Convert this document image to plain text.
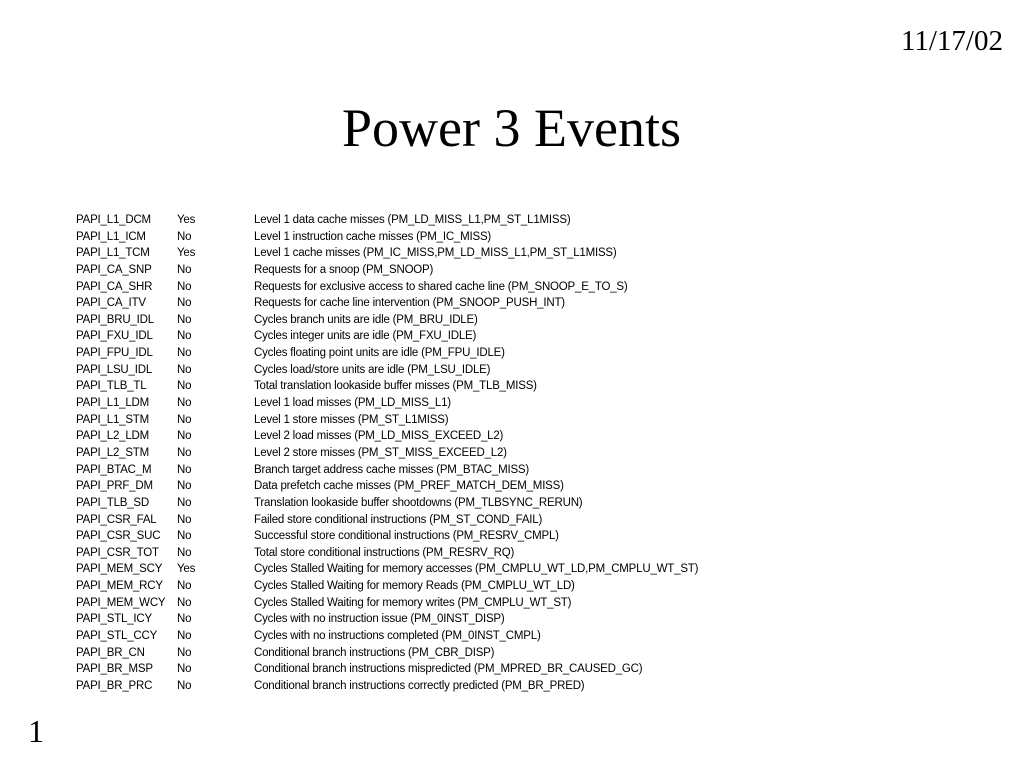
11/17/02
Power 3 Events
PAPI_L1_DCM	Yes	Level 1 data cache misses (PM_LD_MISS_L1,PM_ST_L1MISS)
PAPI_L1_ICM	No	Level 1 instruction cache misses (PM_IC_MISS)
PAPI_L1_TCM	Yes	Level 1 cache misses (PM_IC_MISS,PM_LD_MISS_L1,PM_ST_L1MISS)
PAPI_CA_SNP	No	Requests for a snoop (PM_SNOOP)
PAPI_CA_SHR	No	Requests for exclusive access to shared cache line (PM_SNOOP_E_TO_S)
PAPI_CA_ITV	No	Requests for cache line intervention (PM_SNOOP_PUSH_INT)
PAPI_BRU_IDL	No	Cycles branch units are idle (PM_BRU_IDLE)
PAPI_FXU_IDL	No	Cycles integer units are idle (PM_FXU_IDLE)
PAPI_FPU_IDL	No	Cycles floating point units are idle (PM_FPU_IDLE)
PAPI_LSU_IDL	No	Cycles load/store units are idle (PM_LSU_IDLE)
PAPI_TLB_TL	No	Total translation lookaside buffer misses (PM_TLB_MISS)
PAPI_L1_LDM	No	Level 1 load misses (PM_LD_MISS_L1)
PAPI_L1_STM	No	Level 1 store misses (PM_ST_L1MISS)
PAPI_L2_LDM	No	Level 2 load misses (PM_LD_MISS_EXCEED_L2)
PAPI_L2_STM	No	Level 2 store misses (PM_ST_MISS_EXCEED_L2)
PAPI_BTAC_M	No	Branch target address cache misses (PM_BTAC_MISS)
PAPI_PRF_DM	No	Data prefetch cache misses (PM_PREF_MATCH_DEM_MISS)
PAPI_TLB_SD	No	Translation lookaside buffer shootdowns (PM_TLBSYNC_RERUN)
PAPI_CSR_FAL	No	Failed store conditional instructions (PM_ST_COND_FAIL)
PAPI_CSR_SUC	No	Successful store conditional instructions (PM_RESRV_CMPL)
PAPI_CSR_TOT	No	Total store conditional instructions (PM_RESRV_RQ)
PAPI_MEM_SCY	Yes	Cycles Stalled Waiting for memory accesses (PM_CMPLU_WT_LD,PM_CMPLU_WT_ST)
PAPI_MEM_RCY	No	Cycles Stalled Waiting for memory Reads (PM_CMPLU_WT_LD)
PAPI_MEM_WCY	No	Cycles Stalled Waiting for memory writes (PM_CMPLU_WT_ST)
PAPI_STL_ICY	No	Cycles with no instruction issue (PM_0INST_DISP)
PAPI_STL_CCY	No	Cycles with no instructions completed (PM_0INST_CMPL)
PAPI_BR_CN	No	Conditional branch instructions (PM_CBR_DISP)
PAPI_BR_MSP	No	Conditional branch instructions mispredicted (PM_MPRED_BR_CAUSED_GC)
PAPI_BR_PRC	No	Conditional branch instructions correctly predicted (PM_BR_PRED)
1
